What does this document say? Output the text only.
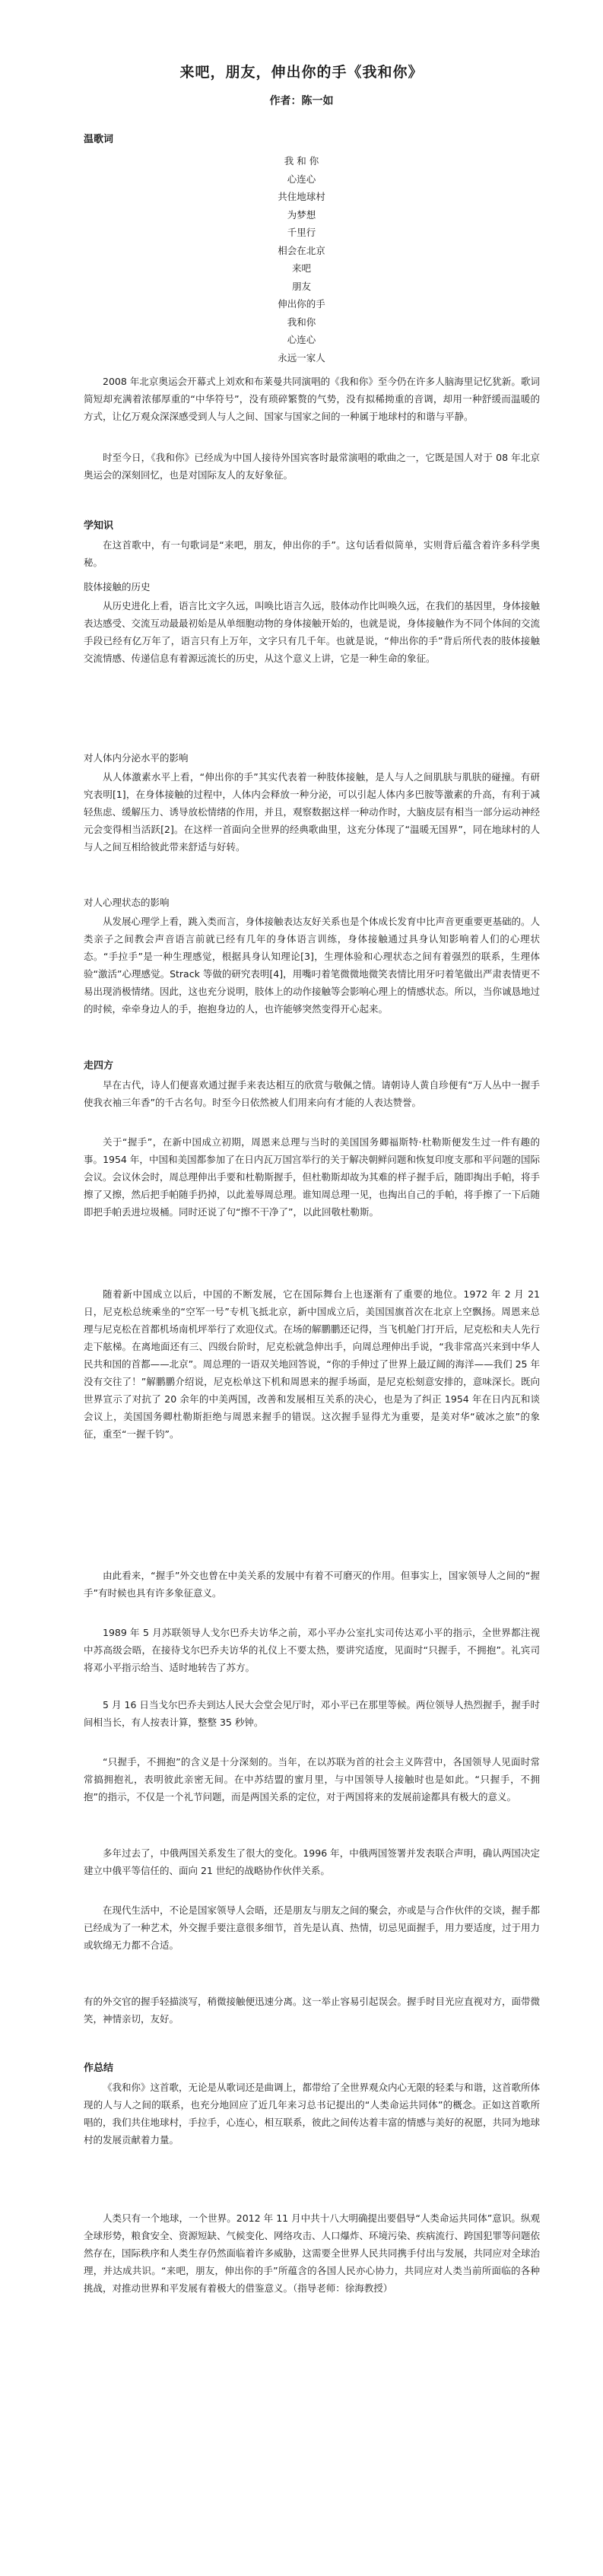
来吧，朋友，伸出你的手《我和你》
作者：陈一如
温歌词
我 和 你
心连心
共住地球村
为梦想
千里行
相会在北京
来吧
朋友
伸出你的手
我和你
心连心
永远一家人

2008 年北京奥运会开幕式上刘欢和布莱曼共同演唱的《我和你》至今仍在许多人脑海里记忆犹新。歌词简短却充满着浓郁厚重的“中华符号”，没有琐碎繁赘的气势，没有拟稀拗重的音调，却用一种舒缓而温暖的方式，让亿万观众深深感受到人与人之间、国家与国家之间的一种属于地球村的和谐与平静。

时至今日，《我和你》已经成为中国人接待外国宾客时最常演唱的歌曲之一，它既是国人对于 08 年北京奥运会的深刻回忆，也是对国际友人的友好象征。

学知识

在这首歌中，有一句歌词是“来吧，朋友，伸出你的手”。这句话看似简单，实则背后蕴含着许多科学奥秘。

肢体接触的历史

从历史进化上看，语言比文字久远，叫唤比语言久远，肢体动作比叫唤久远，在我们的基因里，身体接触表达感受、交流互动最最初始是从单细胞动物的身体接触开始的，也就是说，身体接触作为不同个体间的交流手段已经有亿万年了，语言只有上万年，文字只有几千年。也就是说，“伸出你的手”背后所代表的肢体接触交流情感、传递信息有着源远流长的历史，从这个意义上讲，它是一种生命的象征。

对人体内分泌水平的影响

从人体激素水平上看，“伸出你的手”其实代表着一种肢体接触，是人与人之间肌肤与肌肤的碰撞。有研究表明[1]，在身体接触的过程中，人体内会释放一种分泌，可以引起人体内多巴胺等激素的升高，有利于减轻焦虑、缓解压力、诱导放松情绪的作用，并且，观察数据这样一种动作时，大脑皮层有相当一部分运动神经元会变得相当活跃[2]。在这样一首面向全世界的经典歌曲里，这充分体现了“温暖无国界”，同在地球村的人与人之间互相给彼此带来舒适与好转。

对人心理状态的影响

从发展心理学上看，跳入类而言，身体接触表达友好关系也是个体成长发育中比声音更重要更基础的。人类亲子之间教会声音语言前就已经有几年的身体语言训练，身体接触通过具身认知影响着人们的心理状态。“手拉手”是一种生理感觉，根据具身认知理论[3]，生理体验和心理状态之间有着强烈的联系，生理体验“激活”心理感觉。Strack 等做的研究表明[4]，用嘴叼着笔微微地微笑表情比用牙叼着笔做出严肃表情更不易出现消极情绪。因此，这也充分说明，肢体上的动作接触等会影响心理上的情感状态。所以，当你诚恳地过的时候，牵牵身边人的手，抱抱身边的人，也许能够突然变得开心起来。

走四方

早在古代，诗人们便喜欢通过握手来表达相互的欣赏与敬佩之情。请朝诗人黄自珍便有“万人丛中一握手 使我衣袖三年香”的千古名句。时至今日依然被人们用来向有才能的人表达赞誉。

关于“握手”，在新中国成立初期，周恩来总理与当时的美国国务卿福斯特·杜勒斯便发生过一件有趣的事。1954 年，中国和美国都参加了在日内瓦万国宫举行的关于解决朝鲜问题和恢复印度支那和平问题的国际会议。会议休会时，周总理伸出手要和杜勒斯握手，但杜勒斯却故为其难的样子握手后，随即掏出手帕，将手擦了又擦，然后把手帕随手扔掉，以此羞辱周总理。谁知周总理一见，也掏出自己的手帕，将手擦了一下后随即把手帕丢进垃圾桶。同时还说了句“擦不干净了”，以此回敬杜勒斯。

随着新中国成立以后，中国的不断发展，它在国际舞台上也逐渐有了重要的地位。1972 年 2 月 21 日，尼克松总统乘坐的“空军一号”专机飞抵北京，新中国成立后，美国国旗首次在北京上空飘扬。周恩来总理与尼克松在首都机场南机坪举行了欢迎仪式。在场的解鹏鹏还记得，当飞机舱门打开后，尼克松和夫人先行走下舷梯。在离地面还有三、四级台阶时，尼克松就急伸出手，向周总理伸出手说，“我非常高兴来到中华人民共和国的首都——北京”。周总理的一语双关地回答说，“你的手伸过了世界上最辽阔的海洋——我们 25 年没有交往了！”解鹏鹏介绍说，尼克松单这下机和周恩来的握手场面，是尼克松刻意安排的，意味深长。既向世界宣示了对抗了 20 余年的中美两国，改善和发展相互关系的决心，也是为了纠正 1954 年在日内瓦和谈会议上，美国国务卿杜勒斯拒绝与周恩来握手的错误。这次握手显得尤为重要，是美对华“破冰之旅”的象征，重至“一握千钧”。

由此看来，“握手”外交也曾在中美关系的发展中有着不可磨灭的作用。但事实上，国家领导人之间的“握手”有时候也具有许多象征意义。

1989 年 5 月苏联领导人戈尔巴乔夫访华之前，邓小平办公室扎实司传达邓小平的指示，全世界都注视中苏高级会晤，在接待戈尔巴乔夫访华的礼仪上不要太热，要讲究适度，见面时“只握手，不拥抱”。礼宾司将邓小平指示给当、适时地转告了苏方。

5 月 16 日当戈尔巴乔夫到达人民大会堂会见厅时，邓小平已在那里等候。两位领导人热烈握手，握手时间相当长，有人按表计算，整整 35 秒钟。

“只握手，不拥抱”的含义是十分深刻的。当年，在以苏联为首的社会主义阵营中，各国领导人见面时常常搞拥抱礼，表明彼此亲密无间。在中苏结盟的蜜月里，与中国领导人接触时也是如此。“只握手，不拥抱”的指示，不仅是一个礼节问题，而是两国关系的定位，对于两国将来的发展前途都具有极大的意义。

多年过去了，中俄两国关系发生了很大的变化。1996 年，中俄两国签署并发表联合声明，确认两国决定建立中俄平等信任的、面向 21 世纪的战略协作伙伴关系。

在现代生活中，不论是国家领导人会晤，还是朋友与朋友之间的聚会，亦或是与合作伙伴的交谈，握手都已经成为了一种艺术，外交握手要注意很多细节，首先是认真、热情，切忌见面握手，用力要适度，过于用力或软绵无力都不合适。

有的外交官的握手轻描淡写，稍微接触便迅速分离。这一举止容易引起误会。握手时目光应直视对方，面带微笑，神情亲切，友好。

作总结

《我和你》这首歌，无论是从歌词还是曲调上，都带给了全世界观众内心无限的轻柔与和谐，这首歌所体现的人与人之间的联系，也充分地回应了近几年来习总书记提出的“人类命运共同体”的概念。正如这首歌所唱的，我们共住地球村，手拉手，心连心，相互联系，彼此之间传达着丰富的情感与美好的祝愿，共同为地球村的发展贡献着力量。

人类只有一个地球，一个世界。2012 年 11 月中共十八大明确提出要倡导“人类命运共同体”意识。纵观全球形势，粮食安全、资源短缺、气候变化、网络攻击、人口爆炸、环境污染、疾病流行、跨国犯罪等问题依然存在，国际秩序和人类生存仍然面临着许多威胁，这需要全世界人民共同携手付出与发展，共同应对全球治理，并达成共识。“来吧，朋友，伸出你的手”所蕴含的各国人民亦心协力，共同应对人类当前所面临的各种挑战，对推动世界和平发展有着极大的借鉴意义。（指导老师：徐海教授）
